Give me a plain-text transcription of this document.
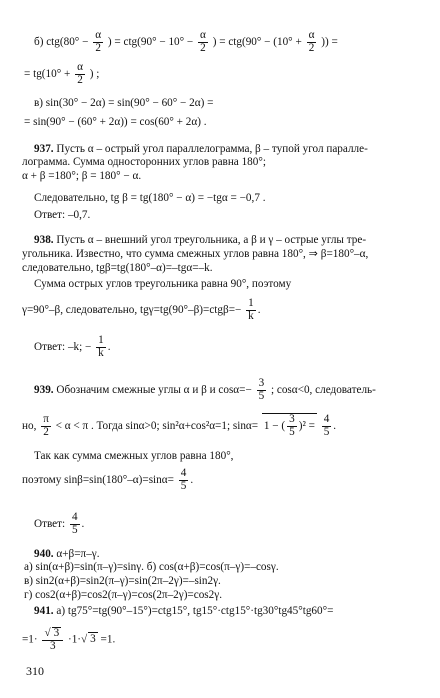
б) $ctg(80^\circ - \frac{\alpha}{2}$ ) = $ctg(90^\circ - 10^\circ - \frac{\alpha}{2}$ ) = $ctg(90^\circ - (10^\circ + \frac{\alpha}{2}$ )) =
= $tg(10^\circ + \frac{\alpha}{2}$ ) ;
в) sin(30° − 2α) = sin(90° − 60° − 2α) =
= sin(90° − (60° + 2α)) = cos(60° + 2α) .
937. Пусть α – острый угол параллелограмма, β – тупой угол паралле-
лограмма. Сумма односторонних углов равна 180°;
α + β =180°; β = 180° − α.
Следовательно, tg β = tg(180° − α) = −tgα = −0,7 .
Ответ: –0,7.
938. Пусть α – внешний угол треугольника, а β и γ – острые углы тре-
угольника. Известно, что сумма смежных углов равна 180°, ⇒ β=180°–α,
следовательно, tgβ=tg(180°–α)=–tgα=–k.
Сумма острых углов треугольника равна 90°, поэтому
γ=90°–β, следовательно, $tg\gamma=tg(90^\circ-\beta)=ctg\beta=- \frac{1}{k}$ .
Ответ: –k; − $\frac{1}{k}$ .
939. Обозначим смежные углы α и β и $\cos\alpha=- \frac{3}{5}$ ; cosα<0, следователь-
но, $\frac{\pi}{2} < \alpha < \pi$ . Тогда sinα>0; sin²α+cos²α=1; sinα= 1 − ( $\frac{3}{5} )^2 = \frac{4}{5}$ .
Так как сумма смежных углов равна 180°,
поэтому $\sin\beta=\sin(180^\circ-\alpha)=\sin\alpha= \frac{4}{5}$ .
Ответ: $\frac{4}{5}$ .
940. α+β=π–γ.
а) sin(α+β)=sin(π–γ)=sinγ. б) cos(α+β)=cos(π–γ)=–cosγ.
в) sin2(α+β)=sin2(π–γ)=sin(2π–2γ)=–sin2γ.
г) cos2(α+β)=cos2(π–γ)=cos(2π–2γ)=cos2γ.
941. а) tg75°=tg(90°–15°)=ctg15°, tg15°·ctg15°·tg30°tg45°tg60°=
$=1\cdot \frac{√ 3}{3} \cdot 1\cdot√$ 3 =1.
310
